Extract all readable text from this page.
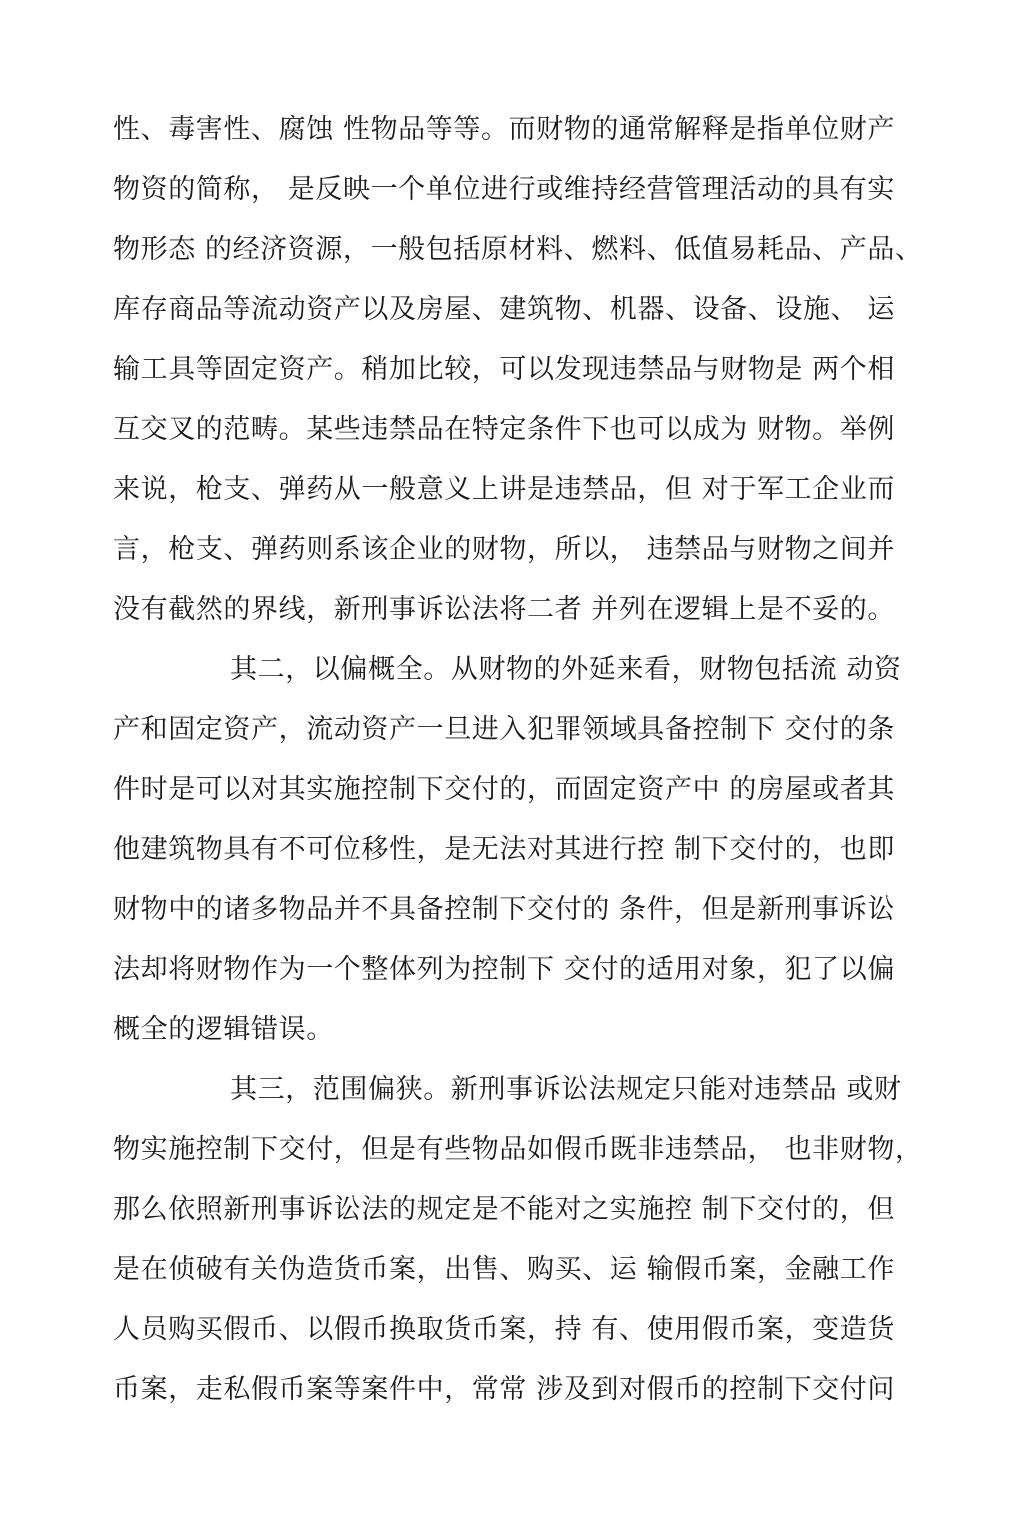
性、毒害性、腐蚀 性物品等等。而财物的通常解释是指单位财产
物资的简称， 是反映一个单位进行或维持经营管理活动的具有实
物形态 的经济资源，一般包括原材料、燃料、低值易耗品、产品、
库存商品等流动资产以及房屋、建筑物、机器、设备、设施、 运
输工具等固定资产。稍加比较，可以发现违禁品与财物是 两个相
互交叉的范畴。某些违禁品在特定条件下也可以成为 财物。举例
来说，枪支、弹药从一般意义上讲是违禁品，但 对于军工企业而
言，枪支、弹药则系该企业的财物，所以， 违禁品与财物之间并
没有截然的界线，新刑事诉讼法将二者 并列在逻辑上是不妥的。
其二，以偏概全。从财物的外延来看，财物包括流 动资
产和固定资产，流动资产一旦进入犯罪领域具备控制下 交付的条
件时是可以对其实施控制下交付的，而固定资产中 的房屋或者其
他建筑物具有不可位移性，是无法对其进行控 制下交付的，也即
财物中的诸多物品并不具备控制下交付的 条件，但是新刑事诉讼
法却将财物作为一个整体列为控制下 交付的适用对象，犯了以偏
概全的逻辑错误。
其三，范围偏狭。新刑事诉讼法规定只能对违禁品 或财
物实施控制下交付，但是有些物品如假币既非违禁品， 也非财物，
那么依照新刑事诉讼法的规定是不能对之实施控 制下交付的，但
是在侦破有关伪造货币案，出售、购买、运 输假币案，金融工作
人员购买假币、以假币换取货币案，持 有、使用假币案，变造货
币案，走私假币案等案件中，常常 涉及到对假币的控制下交付问
